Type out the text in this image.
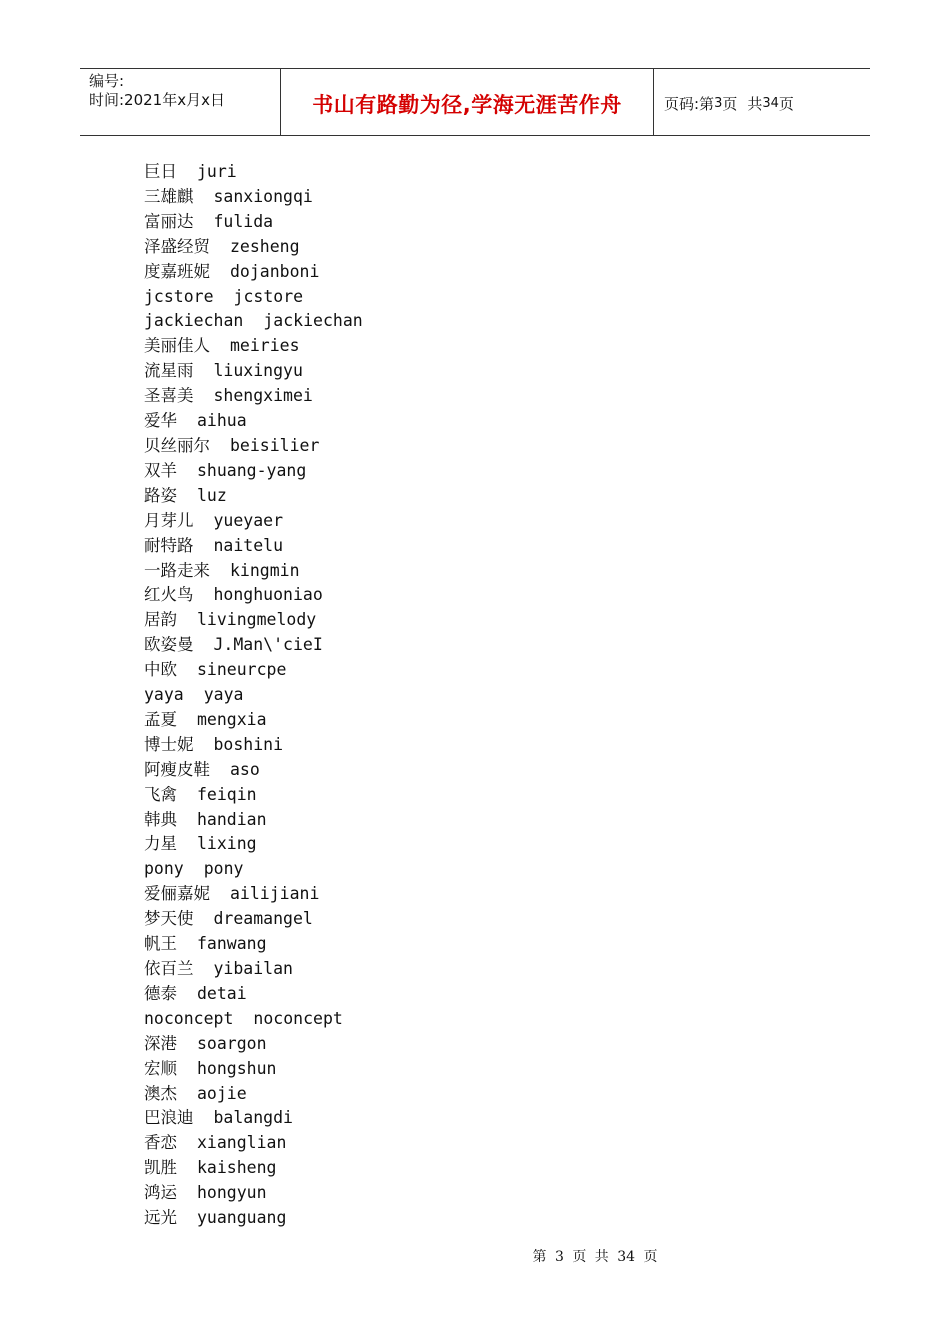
编号:
时间:2021年x月x日	书山有路勤为径,学海无涯苦作舟	页码:第 3 页 共 34 页
巨日 juri
三雄麒 sanxiongqi
富丽达 fulida
泽盛经贸 zesheng
度嘉班妮 dojanboni
jcstore jcstore
jackiechan jackiechan
美丽佳人 meiries
流星雨 liuxingyu
圣喜美 shengximei
爱华 aihua
贝丝丽尔 beisilier
双羊 shuang-yang
路姿 luz
月芽儿 yueyaer
耐特路 naitelu
一路走来 kingmin
红火鸟 honghuoniao
居韵 livingmelody
欧姿曼 J.Man\'cieI
中欧 sineurcpe
yaya yaya
孟夏 mengxia
博士妮 boshini
阿瘦皮鞋 aso
飞禽 feiqin
韩典 handian
力星 lixing
pony pony
爱俪嘉妮 ailijiani
梦天使 dreamangel
帆王 fanwang
依百兰 yibailan
德泰 detai
noconcept noconcept
深港 soargon
宏顺 hongshun
澳杰 aojie
巴浪迪 balangdi
香恋 xianglian
凯胜 kaisheng
鸿运 hongyun
远光 yuanguang
第 3 页 共 34 页
